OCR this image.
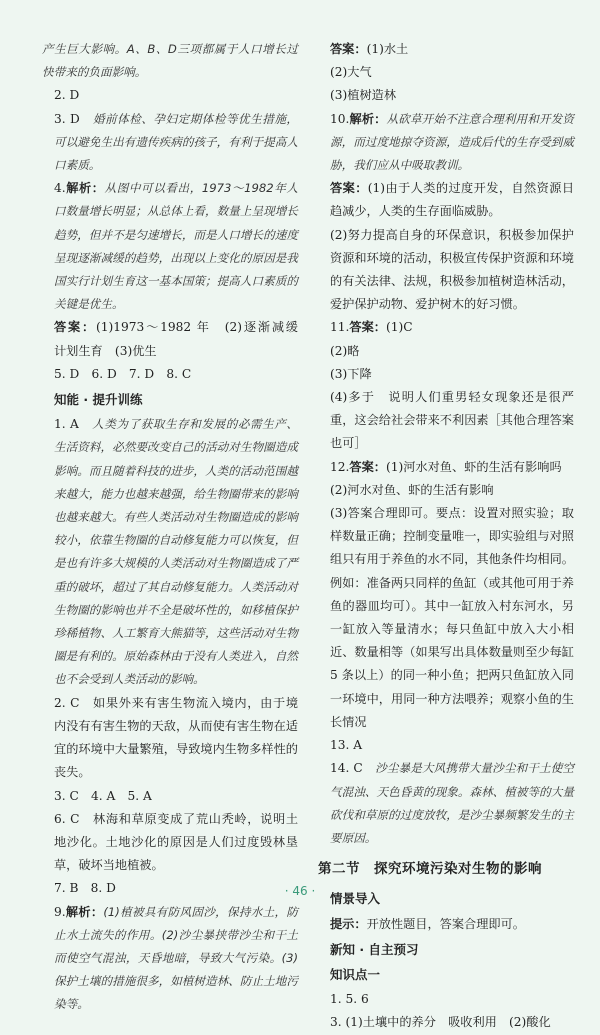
产生巨大影响。A、B、D三项都属于人口增长过快带来的负面影响。

2. D

3. D　 婚前体检、孕妇定期体检等优生措施，可以避免生出有遗传疾病的孩子，有利于提高人口素质。

4.解析：从图中可以看出，1973～1982年人口数量增长明显；从总体上看，数量上呈现增长趋势，但并不是匀速增长，而是人口增长的速度呈现逐渐减缓的趋势，出现以上变化的原因是我国实行计划生育这一基本国策；提高人口素质的关键是优生。

答案：(1)1973～1982 年　(2)逐渐减缓　计划生育　(3)优生

5. D　6. D　7. D　8. C

知能 · 提升训练

1. A　 人类为了获取生存和发展的必需生产、生活资料，必然要改变自己的活动对生物圈造成影响。而且随着科技的进步，人类的活动范围越来越大，能力也越来越强，给生物圈带来的影响也越来越大。有些人类活动对生物圈造成的影响较小，依靠生物圈的自动修复能力可以恢复，但是也有许多大规模的人类活动对生物圈造成了严重的破坏，超过了其自动修复能力。人类活动对生物圈的影响也并不全是破坏性的，如移植保护珍稀植物、人工繁育大熊猫等，这些活动对生物圈是有利的。原始森林由于没有人类进入，自然也不会受到人类活动的影响。

2. C　 如果外来有害生物流入境内，由于境内没有有害生物的天敌，从而使有害生物在适宜的环境中大量繁殖，导致境内生物多样性的丧失。

3. C　4. A　5. A

6. C　 林海和草原变成了荒山秃岭，说明土地沙化。土地沙化的原因是人们过度毁林垦草，破坏当地植被。

7. B　8. D

9.解析：(1)植被具有防风固沙，保持水土，防止水土流失的作用。(2)沙尘暴挟带沙尘和干土而使空气混浊，天昏地暗，导致大气污染。(3)保护土壤的措施很多，如植树造林、防止土地污染等。

答案：(1)水土

(2)大气

(3)植树造林

10.解析：从砍草开始不注意合理利用和开发资源，而过度地掠夺资源，造成后代的生存受到威胁，我们应从中吸取教训。

答案：(1)由于人类的过度开发，自然资源日趋减少，人类的生存面临威胁。

(2)努力提高自身的环保意识，积极参加保护资源和环境的活动，积极宣传保护资源和环境的有关法律、法规，积极参加植树造林活动，爱护保护动物、爱护树木的好习惯。

11.答案：(1)C

(2)略

(3)下降

(4)多于　说明人们重男轻女现象还是很严重，这会给社会带来不利因素［其他合理答案也可］

12.答案：(1)河水对鱼、虾的生活有影响吗

(2)河水对鱼、虾的生活有影响

(3)答案合理即可。要点：设置对照实验；取样数量正确；控制变量唯一，即实验组与对照组只有用于养鱼的水不同，其他条件均相同。例如：准备两只同样的鱼缸（或其他可用于养鱼的器皿均可）。其中一缸放入村东河水，另一缸放入等量清水；每只鱼缸中放入大小相近、数量相等（如果写出具体数量则至少每缸 5 条以上）的同一种小鱼；把两只鱼缸放入同一环境中，用同一种方法喂养；观察小鱼的生长情况

13. A

14. C　 沙尘暴是大风携带大量沙尘和干土使空气混浊、天色昏黄的现象。森林、植被等的大量砍伐和草原的过度放牧，是沙尘暴频繁发生的主要原因。

第二节　探究环境污染对生物的影响
情景导入

提示：开放性题目，答案合理即可。

新知 · 自主预习
知识点一

1. 5. 6

3. (1)土壤中的养分　吸收利用　(2)酸化

· 46 ·
